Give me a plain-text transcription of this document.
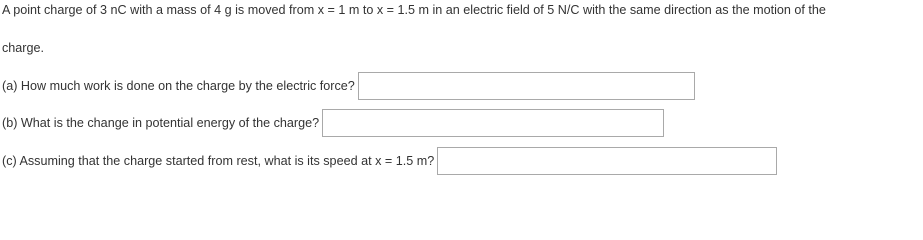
A point charge of 3 nC with a mass of 4 g is moved from x = 1 m to x = 1.5 m in an electric field of 5 N/C with the same direction as the motion of the
charge.
(a) How much work is done on the charge by the electric force?
(b) What is the change in potential energy of the charge?
(c) Assuming that the charge started from rest, what is its speed at x = 1.5 m?
